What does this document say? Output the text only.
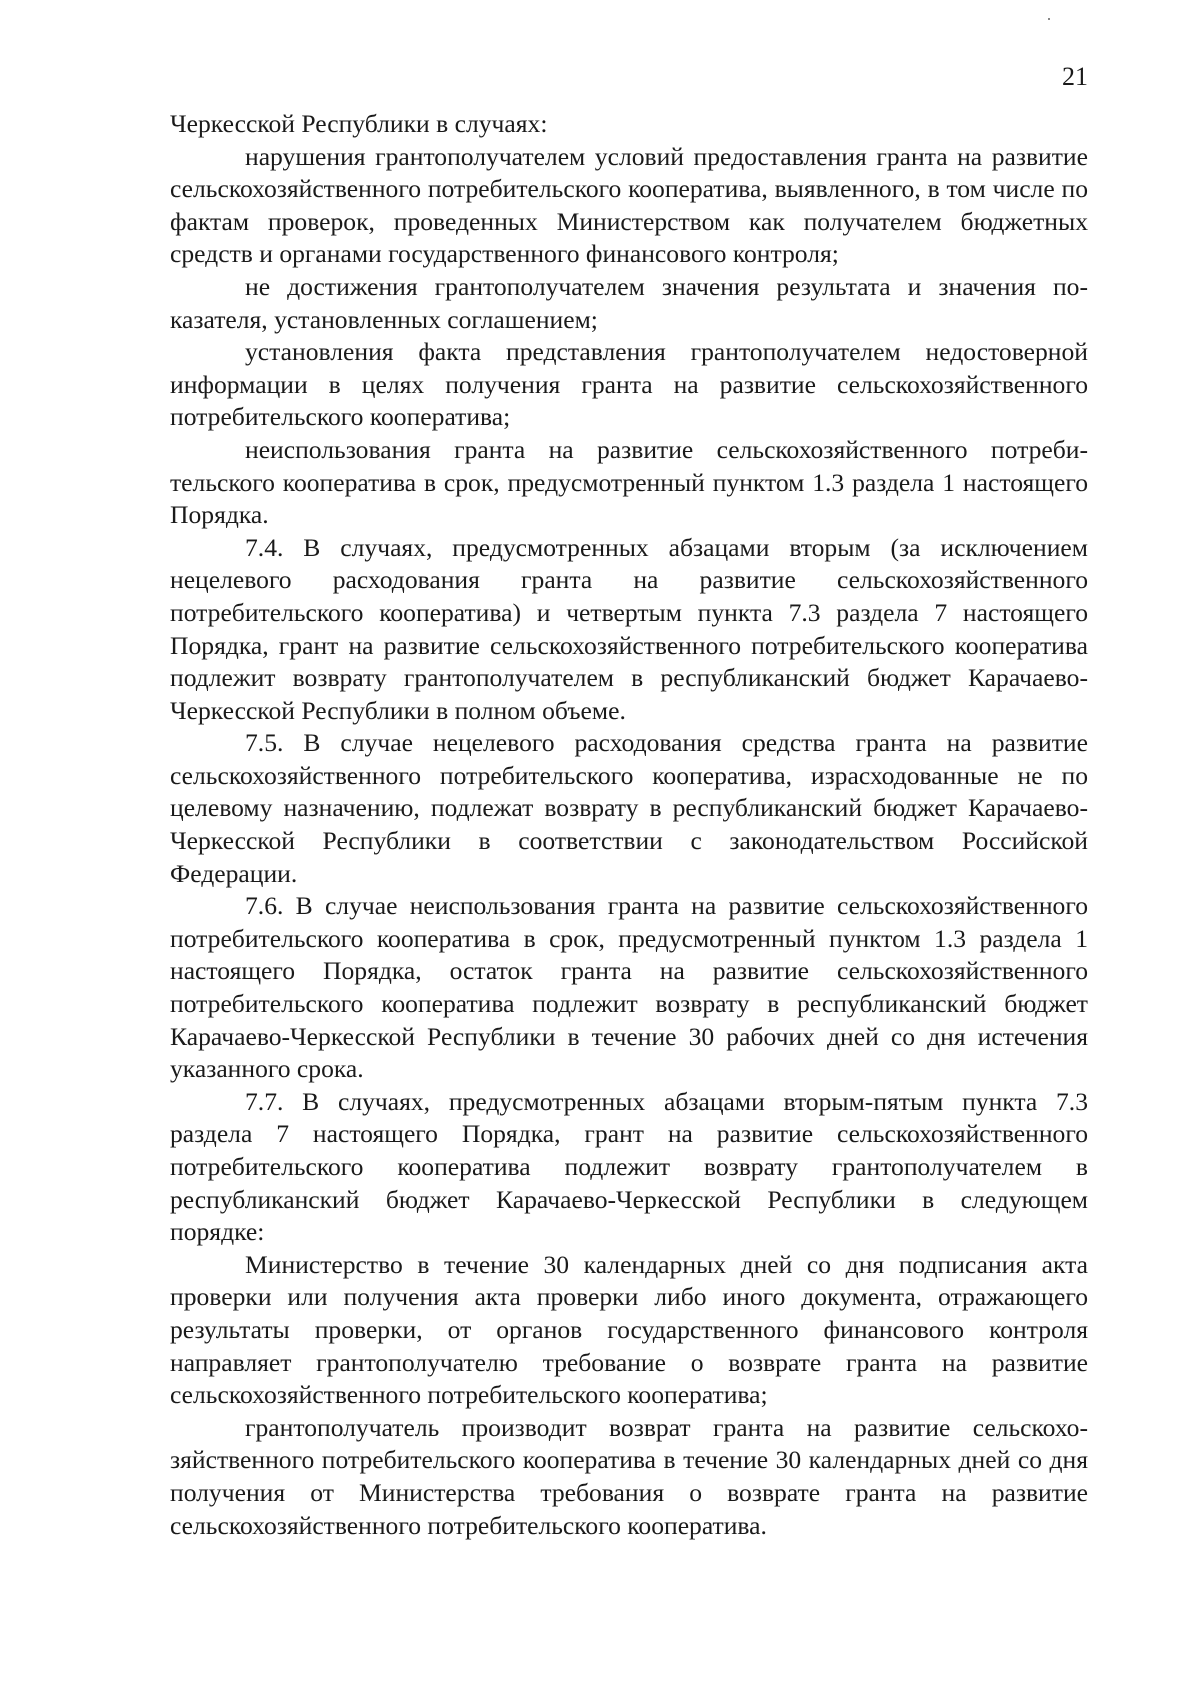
21

Черкесской Республики в случаях:

нарушения грантополучателем условий предоставления гранта на развитие сельскохозяйственного потребительского кооператива, выявленного, в том числе по фактам проверок, проведенных Министерством как получателем бюджетных средств и органами государственного финансового контроля;

не достижения грантополучателем значения результата и значения показателя, установленных соглашением;

установления факта представления грантополучателем недостоверной информации в целях получения гранта на развитие сельскохозяйственного потребительского кооператива;

неиспользования гранта на развитие сельскохозяйственного потребительского кооператива в срок, предусмотренный пунктом 1.3 раздела 1 настоящего Порядка.

7.4. В случаях, предусмотренных абзацами вторым (за исключением нецелевого расходования гранта на развитие сельскохозяйственного потребительского кооператива) и четвертым пункта 7.3 раздела 7 настоящего Порядка, грант на развитие сельскохозяйственного потребительского кооператива подлежит возврату грантополучателем в республиканский бюджет Карачаево-Черкесской Республики в полном объеме.

7.5. В случае нецелевого расходования средства гранта на развитие сельскохозяйственного потребительского кооператива, израсходованные не по целевому назначению, подлежат возврату в республиканский бюджет Карачаево-Черкесской Республики в соответствии с законодательством Российской Федерации.

7.6. В случае неиспользования гранта на развитие сельскохозяйственного потребительского кооператива в срок, предусмотренный пунктом 1.3 раздела 1 настоящего Порядка, остаток гранта на развитие сельскохозяйственного потребительского кооператива подлежит возврату в республиканский бюджет Карачаево-Черкесской Республики в течение 30 рабочих дней со дня истечения указанного срока.

7.7. В случаях, предусмотренных абзацами вторым-пятым пункта 7.3 раздела 7 настоящего Порядка, грант на развитие сельскохозяйственного потребительского кооператива подлежит возврату грантополучателем в республиканский бюджет Карачаево-Черкесской Республики в следующем порядке:

Министерство в течение 30 календарных дней со дня подписания акта проверки или получения акта проверки либо иного документа, отражающего результаты проверки, от органов государственного финансового контроля направляет грантополучателю требование о возврате гранта на развитие сельскохозяйственного потребительского кооператива;

грантополучатель производит возврат гранта на развитие сельскохозяйственного потребительского кооператива в течение 30 календарных дней со дня получения от Министерства требования о возврате гранта на развитие сельскохозяйственного потребительского кооператива.
